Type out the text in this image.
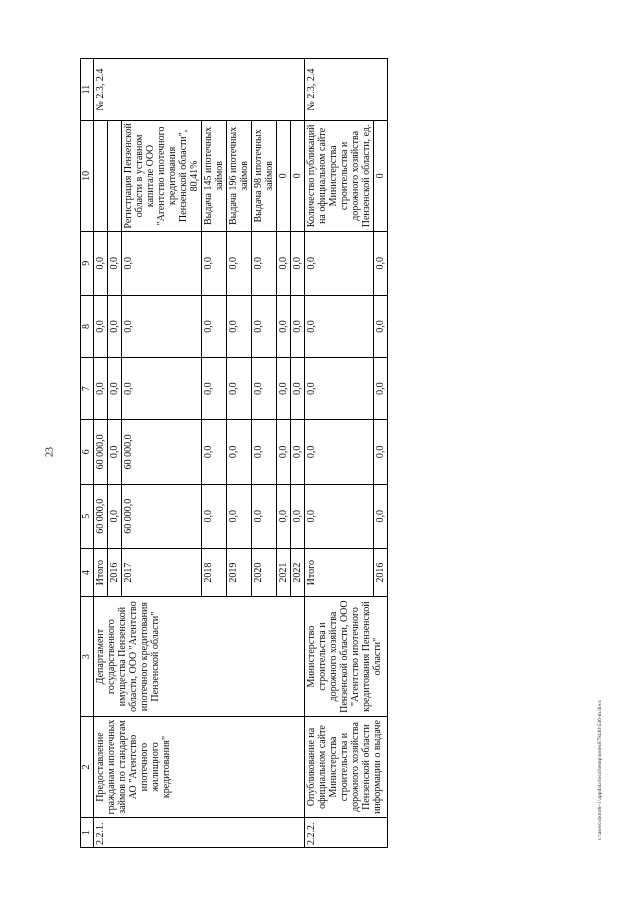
23
c:\users\sboroh~1\appdata\local\temp\notes879440\546-m.docx
1	2	3	4	5	6	7	8	9	10	11
2.2.1.	Предоставление гражданам ипотечных займов по стандартам АО "Агентство ипотечного жилищного кредитования"	Департамент государственного имущества Пензенской области, ООО "Агентство ипотечного кредитования Пензенской области"	Итого	60 000,0	60 000,0	0,0	0,0	0,0		№ 2.3, 2.4
			2016	0,0	0,0	0,0	0,0	0,0		
			2017	60 000,0	60 000,0	0,0	0,0	0,0	Регистрация Пензенской области в уставном капитале ООО "Агентство ипотечного кредитования Пензенской области", 80,41%	
			2018	0,0	0,0	0,0	0,0	0,0	Выдача 145 ипотечных займов	
			2019	0,0	0,0	0,0	0,0	0,0	Выдача 196 ипотечных займов	
			2020	0,0	0,0	0,0	0,0	0,0	Выдача 98 ипотечных займов	
			2021	0,0	0,0	0,0	0,0	0,0	0	
			2022	0,0	0,0	0,0	0,0	0,0	0	
2.2.2.	Опубликование на официальном сайте Министерства строительства и дорожного хозяйства Пензенской области информации о выдаче	Министерство строительства и дорожного хозяйства Пензенской области, ООО "Агентство ипотечного кредитования Пензенской области"	Итого	0,0	0,0	0,0	0,0	0,0	Количество публикаций на официальном сайте Министерства строительства и дорожного хозяйства Пензенской области, ед.	№ 2.3, 2.4
			2016	0,0	0,0	0,0	0,0	0,0	0	
